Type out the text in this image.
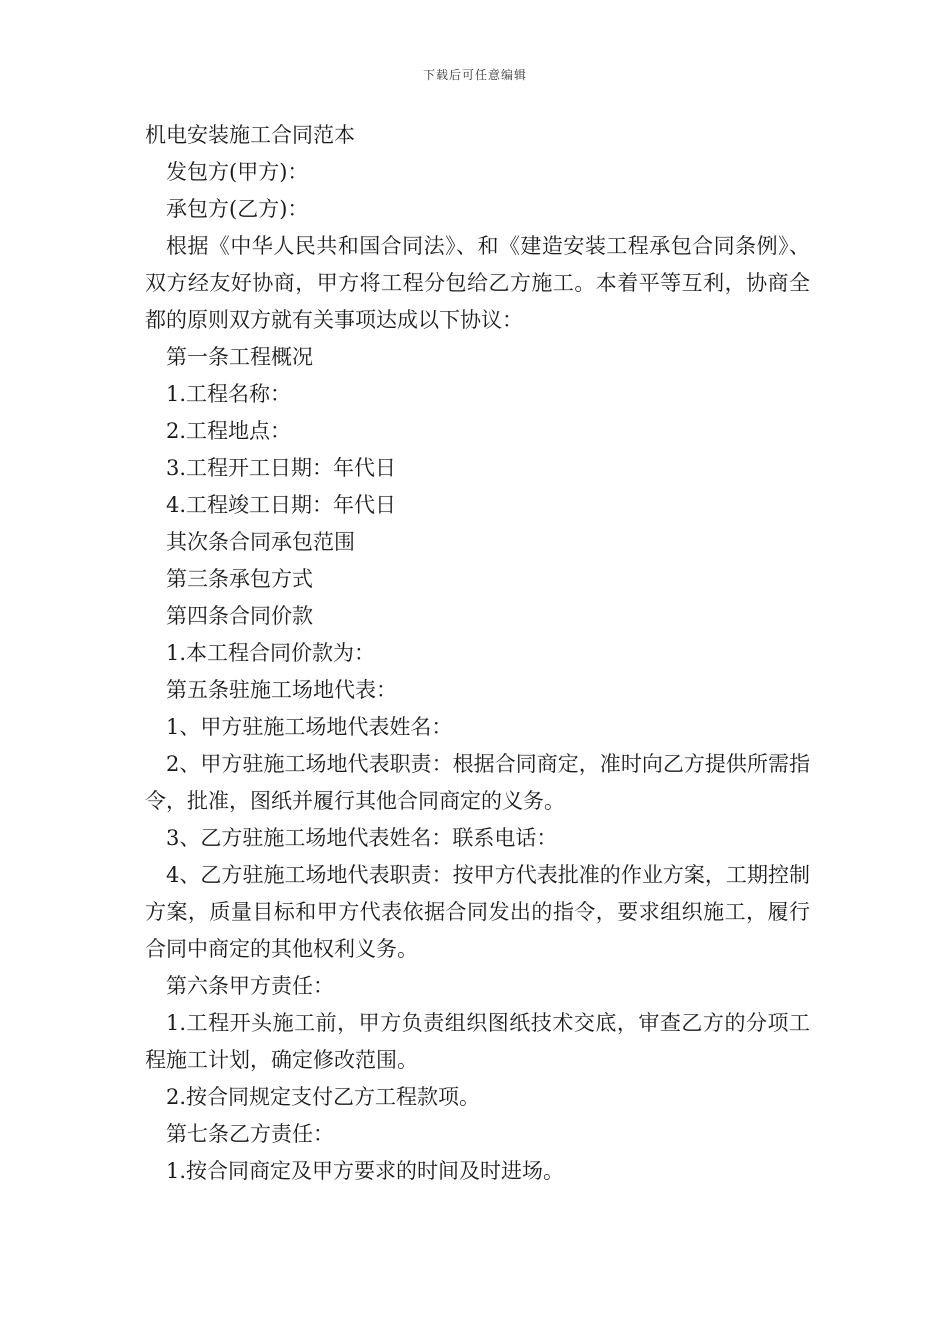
下载后可任意编辑

机电安装施工合同范本

发包方(甲方)：

承包方(乙方)：

根据《中华人民共和国合同法》、和《建造安装工程承包合同条例》、双方经友好协商，甲方将工程分包给乙方施工。本着平等互利，协商全都的原则双方就有关事项达成以下协议：

第一条工程概况

1.工程名称：

2.工程地点：

3.工程开工日期：年代日

4.工程竣工日期：年代日

其次条合同承包范围

第三条承包方式

第四条合同价款

1.本工程合同价款为：

第五条驻施工场地代表：

1、甲方驻施工场地代表姓名：

2、甲方驻施工场地代表职责：根据合同商定，准时向乙方提供所需指令，批准，图纸并履行其他合同商定的义务。

3、乙方驻施工场地代表姓名：联系电话：

4、乙方驻施工场地代表职责：按甲方代表批准的作业方案，工期控制方案，质量目标和甲方代表依据合同发出的指令，要求组织施工，履行合同中商定的其他权利义务。

第六条甲方责任：

1.工程开头施工前，甲方负责组织图纸技术交底，审查乙方的分项工程施工计划，确定修改范围。

2.按合同规定支付乙方工程款项。

第七条乙方责任：

1.按合同商定及甲方要求的时间及时进场。
